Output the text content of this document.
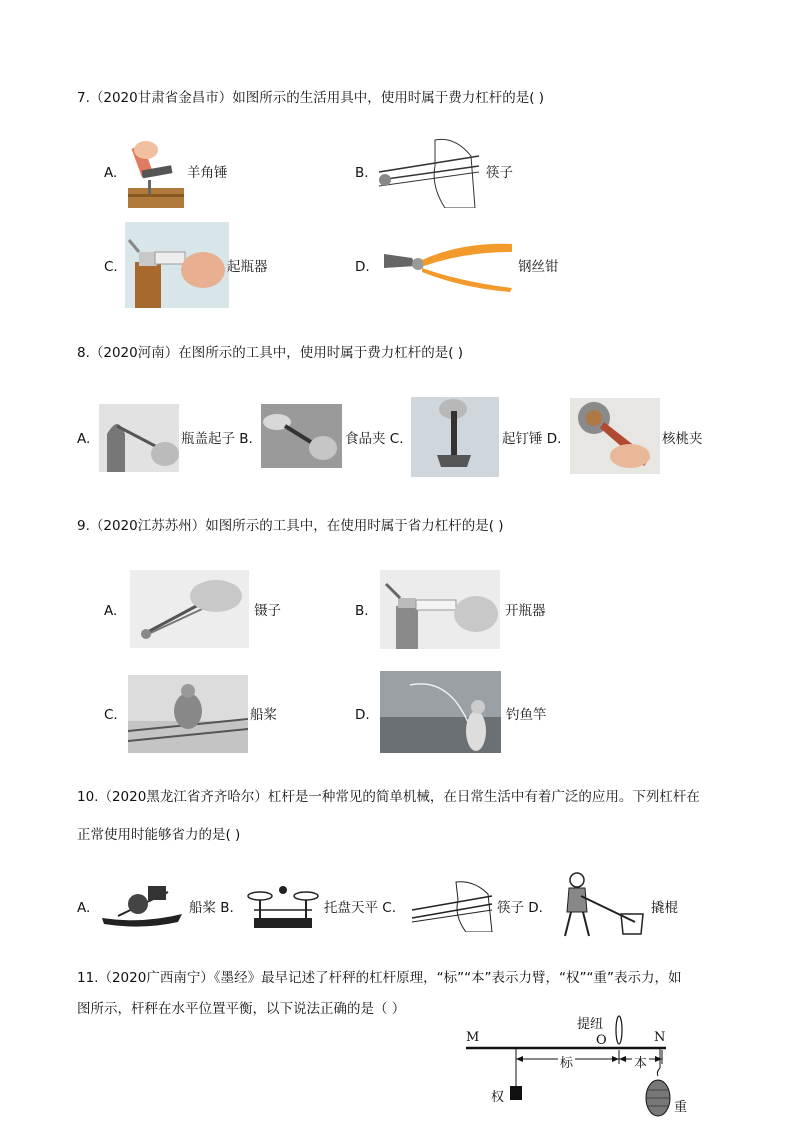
7.（2020甘肃省金昌市）如图所示的生活用具中，使用时属于费力杠杆的是( )
A.	羊角锤	B.	筷子
C.	起瓶器	D.	钢丝钳
8.（2020河南）在图所示的工具中，使用时属于费力杠杆的是( )
A.	瓶盖起子 B.	食品夹 C.	起钉锤 D.	核桃夹
9.（2020江苏苏州）如图所示的工具中，在使用时属于省力杠杆的是( )
A.	镊子	B.	开瓶器
C.	船桨	D.	钓鱼竿
10.（2020黑龙江省齐齐哈尔）杠杆是一种常见的简单机械，在日常生活中有着广泛的应用。下列杠杆在
正常使用时能够省力的是( )
A.	船桨 B.	托盘天平 C.	筷子 D.	撬棍
11.（2020广西南宁）《墨经》最早记述了杆秤的杠杆原理，“标”“本”表示力臂，“权”“重”表示力，如
图所示，杆秤在水平位置平衡，以下说法正确的是（ ）
M	O	N
提纽
标	本
权
重
